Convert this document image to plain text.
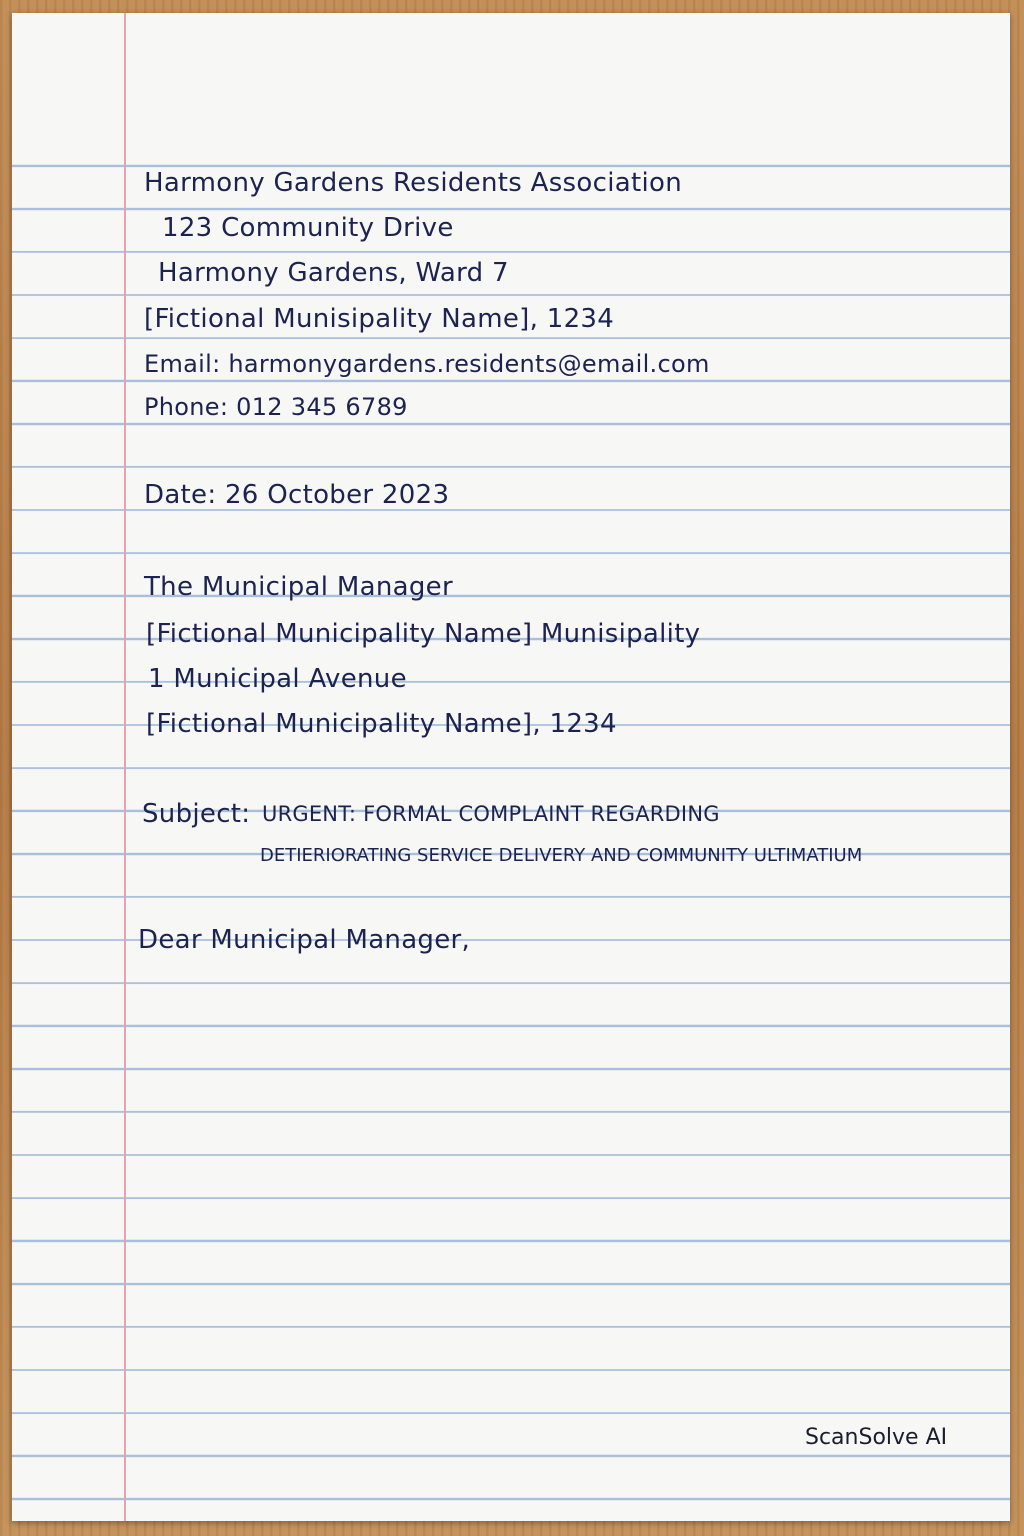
Harmony Gardens Residents Association

123 Community Drive

Harmony Gardens, Ward 7

[Fictional Munisipality Name], 1234

Email: harmonygardens.residents@email.com

Phone: 012 345 6789

Date: 26 October 2023

The Municipal Manager

[Fictional Municipality Name] Munisipality

1 Municipal Avenue

[Fictional Municipality Name], 1234

Subject: URGENT: FORMAL COMPLAINT REGARDING

DETIERIORATING SERVICE DELIVERY AND COMMUNITY ULTIMATIUM

Dear Municipal Manager,

ScanSolve AI
